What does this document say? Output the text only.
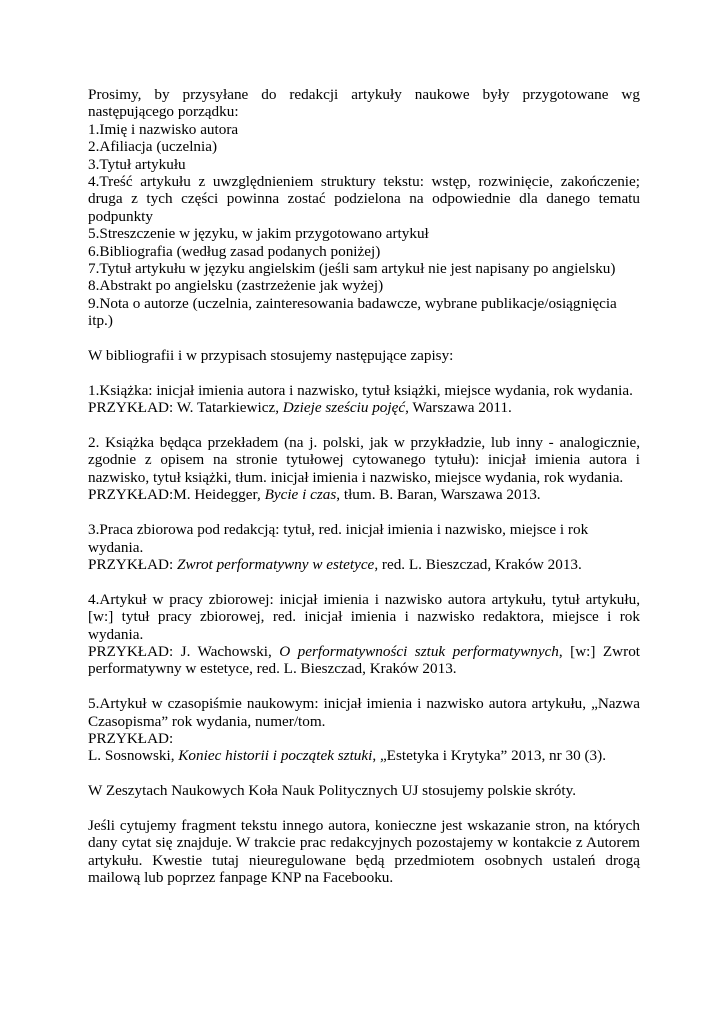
Prosimy, by przysyłane do redakcji artykuły naukowe były przygotowane wg następującego porządku:

1.Imię i nazwisko autora

2.Afiliacja (uczelnia)

3.Tytuł artykułu

4.Treść artykułu z uwzględnieniem struktury tekstu: wstęp, rozwinięcie, zakończenie; druga z tych części powinna zostać podzielona na odpowiednie dla danego tematu podpunkty

5.Streszczenie w języku, w jakim przygotowano artykuł

6.Bibliografia (według zasad podanych poniżej)

7.Tytuł artykułu w języku angielskim (jeśli sam artykuł nie jest napisany po angielsku)

8.Abstrakt po angielsku (zastrzeżenie jak wyżej)

9.Nota o autorze (uczelnia, zainteresowania badawcze, wybrane publikacje/osiągnięcia itp.)

W bibliografii i w przypisach stosujemy następujące zapisy:

1.Książka: inicjał imienia autora i nazwisko, tytuł książki, miejsce wydania, rok wydania.

PRZYKŁAD: W. Tatarkiewicz, Dzieje sześciu pojęć, Warszawa 2011.

2. Książka będąca przekładem (na j. polski, jak w przykładzie, lub inny - analogicznie, zgodnie z opisem na stronie tytułowej cytowanego tytułu): inicjał imienia autora i nazwisko, tytuł książki, tłum. inicjał imienia i nazwisko, miejsce wydania, rok wydania.

PRZYKŁAD:M. Heidegger, Bycie i czas, tłum. B. Baran, Warszawa 2013.

3.Praca zbiorowa pod redakcją: tytuł, red. inicjał imienia i nazwisko, miejsce i rok wydania.

PRZYKŁAD: Zwrot performatywny w estetyce, red. L. Bieszczad, Kraków 2013.

4.Artykuł w pracy zbiorowej: inicjał imienia i nazwisko autora artykułu, tytuł artykułu, [w:] tytuł pracy zbiorowej, red. inicjał imienia i nazwisko redaktora, miejsce i rok wydania.

PRZYKŁAD: J. Wachowski, O performatywności sztuk performatywnych, [w:] Zwrot performatywny w estetyce, red. L. Bieszczad, Kraków 2013.

5.Artykuł w czasopiśmie naukowym: inicjał imienia i nazwisko autora artykułu, „Nazwa Czasopisma” rok wydania, numer/tom.

PRZYKŁAD:

L. Sosnowski, Koniec historii i początek sztuki, „Estetyka i Krytyka” 2013, nr 30 (3).

W Zeszytach Naukowych Koła Nauk Politycznych UJ stosujemy polskie skróty.

Jeśli cytujemy fragment tekstu innego autora, konieczne jest wskazanie stron, na których dany cytat się znajduje. W trakcie prac redakcyjnych pozostajemy w kontakcie z Autorem artykułu. Kwestie tutaj nieuregulowane będą przedmiotem osobnych ustaleń drogą mailową lub poprzez fanpage KNP na Facebooku.
